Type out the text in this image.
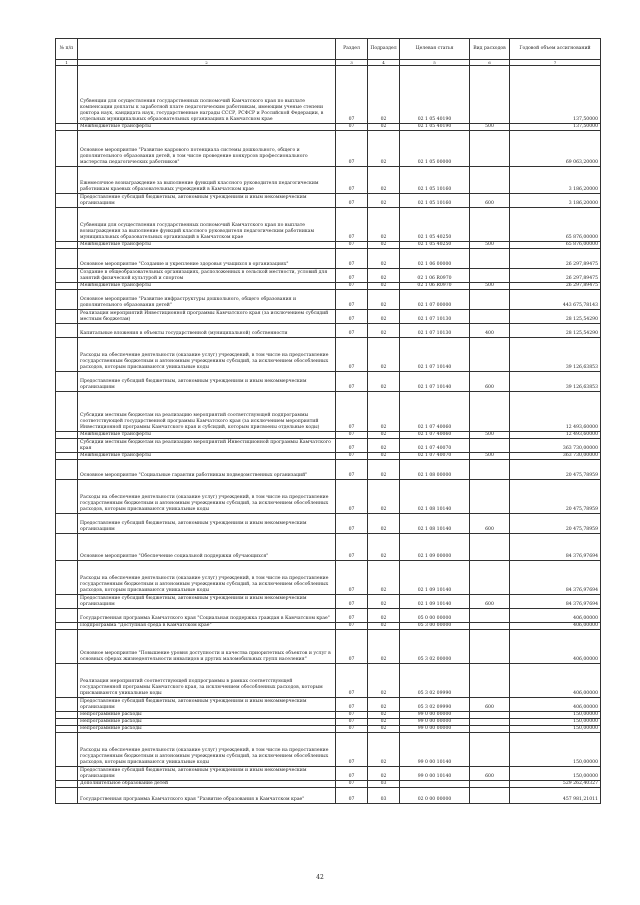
№ п/п		Раздел	Подраздел	Целевая статья	Вид расходов	Годовой объем ассигнований
1	2	3	4	5	6	7
	Субвенции для осуществления государственных полномочий Камчатского края по выплате компенсации доплаты к заработной плате педагогическим работникам, имеющим ученые степени доктора наук, кандидата наук, государственные награды СССР, РСФСР и Российской Федерации, в отдельных муниципальных образовательных организациях в Камчатском крае	07	02	02 1 05 40190		137,50000
	Межбюджетные трансферты	07	02	02 1 05 40190	500	137,50000
	Основное мероприятие "Развитие кадрового потенциала системы дошкольного, общего и дополнительного образования детей, в том числе проведение конкурсов профессионального мастерства педагогических работников"	07	02	02 1 05 00000		69 063,20000
	Ежемесячное вознаграждение за выполнение функций классного руководителя педагогическим работникам краевых образовательных учреждений в Камчатском крае	07	02	02 1 05 10160		3 186,20000
	Предоставление субсидий бюджетным, автономным учреждениям и иным некоммерческим организациям	07	02	02 1 05 10160	600	3 186,20000
	Субвенции для осуществления государственных полномочий Камчатского края по выплате вознаграждения за выполнение функций классного руководителя педагогическим работникам муниципальных образовательных организаций в Камчатском крае	07	02	02 1 05 40250		65 876,00000
	Межбюджетные трансферты	07	02	02 1 05 40250	500	65 876,00000
	Основное мероприятие "Создание и укрепление здоровья учащихся в организациях"	07	02	02 1 06 00000		26 297,89475
	Создание в общеобразовательных организациях, расположенных в сельской местности, условий для занятий физической культурой и спортом	07	02	02 1 06 R0970		26 297,89475
	Межбюджетные трансферты	07	02	02 1 06 R0970	500	26 297,89475
	Основное мероприятие "Развитие инфраструктуры дошкольного, общего образования и дополнительного образования детей"	07	02	02 1 07 00000		443 675,78143
	Реализация мероприятий Инвестиционной программы Камчатского края (за исключением субсидий местным бюджетам)	07	02	02 1 07 10130		28 125,54290
	Капитальные вложения в объекты государственной (муниципальной) собственности	07	02	02 1 07 10130	400	28 125,54290
	Расходы на обеспечение деятельности (оказание услуг) учреждений, в том числе на предоставление государственным бюджетным и автономным учреждениям субсидий, за исключением обособленных расходов, которым присваиваются уникальные коды	07	02	02 1 07 10140		39 126,63853
	Предоставление субсидий бюджетным, автономным учреждениям и иным некоммерческим организациям	07	02	02 1 07 10140	600	39 126,63853
	Субсидии местным бюджетам на реализацию мероприятий соответствующей подпрограммы соответствующей государственной программы Камчатского края (за исключением мероприятий Инвестиционной программы Камчатского края и субсидий, которым присвоены отдельные коды)	07	02	02 1 07 40060		12 493,60000
	Межбюджетные трансферты	07	02	02 1 07 40060	500	12 493,60000
	Субсидии местным бюджетам на реализацию мероприятий Инвестиционной программы Камчатского края	07	02	02 1 07 40070		363 730,00000
	Межбюджетные трансферты	07	02	02 1 07 40070	500	363 730,00000
	Основное мероприятие "Социальные гарантии работникам подведомственных организаций"	07	02	02 1 08 00000		20 475,78959
	Расходы на обеспечение деятельности (оказание услуг) учреждений, в том числе на предоставление государственным бюджетным и автономным учреждениям субсидий, за исключением обособленных расходов, которым присваиваются уникальные коды	07	02	02 1 08 10140		20 475,78959
	Предоставление субсидий бюджетным, автономным учреждениям и иным некоммерческим организациям	07	02	02 1 08 10140	600	20 475,78959
	Основное мероприятие "Обеспечение социальной поддержки обучающихся"	07	02	02 1 09 00000		84 376,97694
	Расходы на обеспечение деятельности (оказание услуг) учреждений, в том числе на предоставление государственным бюджетным и автономным учреждениям субсидий, за исключением обособленных расходов, которым присваиваются уникальные коды	07	02	02 1 09 10140		84 376,97694
	Предоставление субсидий бюджетным, автономным учреждениям и иным некоммерческим организациям	07	02	02 1 09 10140	600	84 376,97694
	Государственная программа Камчатского края "Социальная поддержка граждан в Камчатском крае"	07	02	05 0 00 00000		406,00000
	Подпрограмма "Доступная среда в Камчатском крае"	07	02	05 3 00 00000		406,00000
	Основное мероприятие "Повышение уровня доступности и качества приоритетных объектов и услуг в основных сферах жизнедеятельности инвалидов и других маломобильных групп населения"	07	02	05 3 02 00000		406,00000
	Реализация мероприятий соответствующей подпрограммы в рамках соответствующей государственной программы Камчатского края, за исключением обособленных расходов, которым присваиваются уникальные коды	07	02	05 3 02 09990		406,00000
	Предоставление субсидий бюджетным, автономным учреждениям и иным некоммерческим организациям	07	02	05 3 02 09990	600	406,00000
	Непрограммные расходы	07	02	99 0 00 00000		150,00000
	Непрограммные расходы	07	02	99 0 00 00000		150,00000
	Непрограммные расходы	07	02	99 0 00 00000		150,00000
	Расходы на обеспечение деятельности (оказание услуг) учреждений, в том числе на предоставление государственным бюджетным и автономным учреждениям субсидий, за исключением обособленных расходов, которым присваиваются уникальные коды	07	02	99 0 00 10140		150,00000
	Предоставление субсидий бюджетным, автономным учреждениям и иным некоммерческим организациям	07	02	99 0 00 10140	600	150,00000
	Дополнительное образование детей	07	03			529 262,40327
	Государственная программа Камчатского края "Развитие образования в Камчатском крае"	07	03	02 0 00 00000		457 981,21011
42
